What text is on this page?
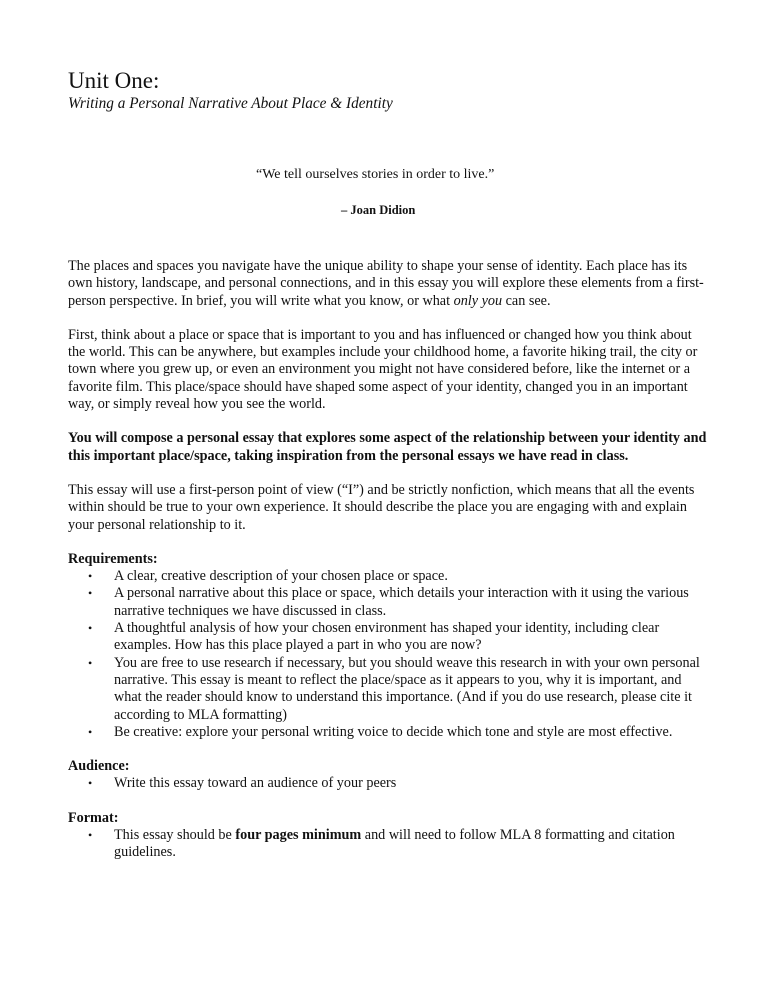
Unit One:
Writing a Personal Narrative About Place & Identity
“We tell ourselves stories in order to live.”
– Joan Didion

The places and spaces you navigate have the unique ability to shape your sense of identity. Each place has its own history, landscape, and personal connections, and in this essay you will explore these elements from a first-person perspective. In brief, you will write what you know, or what only you can see.

First, think about a place or space that is important to you and has influenced or changed how you think about the world. This can be anywhere, but examples include your childhood home, a favorite hiking trail, the city or town where you grew up, or even an environment you might not have considered before, like the internet or a favorite film. This place/space should have shaped some aspect of your identity, changed you in an important way, or simply reveal how you see the world.

You will compose a personal essay that explores some aspect of the relationship between your identity and this important place/space, taking inspiration from the personal essays we have read in class.

This essay will use a first-person point of view (“I”) and be strictly nonfiction, which means that all the events within should be true to your own experience. It should describe the place you are engaging with and explain your personal relationship to it.

Requirements:
• A clear, creative description of your chosen place or space.
• A personal narrative about this place or space, which details your interaction with it using the various narrative techniques we have discussed in class.
• A thoughtful analysis of how your chosen environment has shaped your identity, including clear examples. How has this place played a part in who you are now?
• You are free to use research if necessary, but you should weave this research in with your own personal narrative. This essay is meant to reflect the place/space as it appears to you, why it is important, and what the reader should know to understand this importance. (And if you do use research, please cite it according to MLA formatting)
• Be creative: explore your personal writing voice to decide which tone and style are most effective.
Audience:
• Write this essay toward an audience of your peers
Format:
• This essay should be four pages minimum and will need to follow MLA 8 formatting and citation guidelines.
